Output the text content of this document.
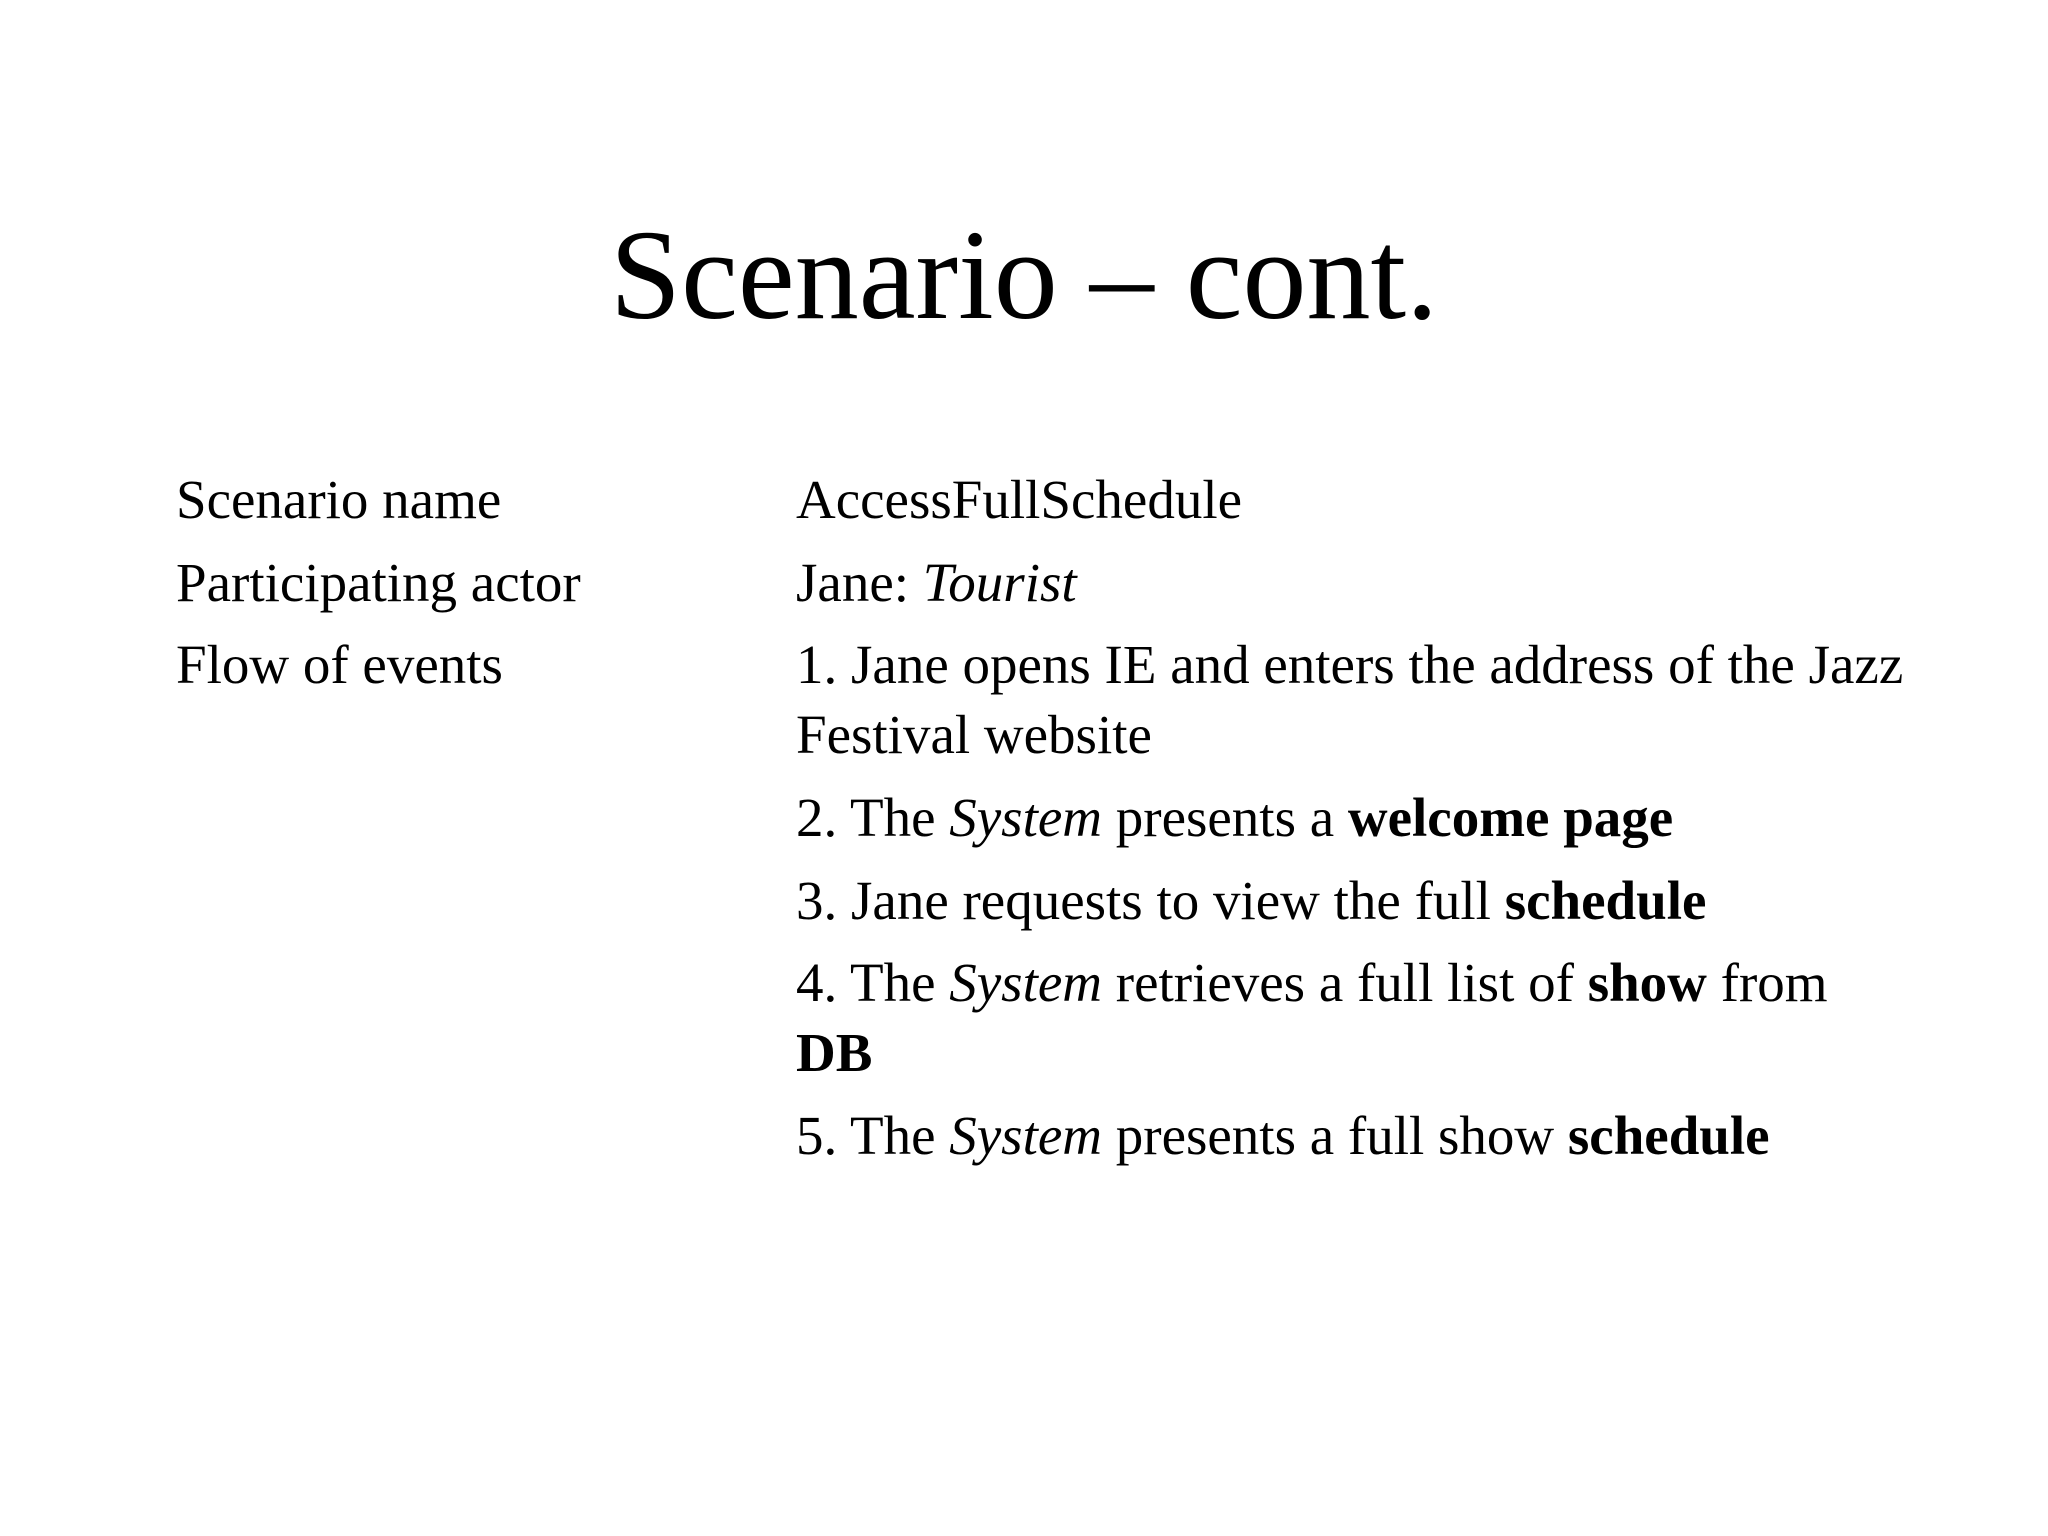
Scenario – cont.
Scenario name	AccessFullSchedule
Participating actor	Jane: Tourist
Flow of events	1. Jane opens IE and enters the address of the Jazz Festival website
2. The System presents a welcome page
3. Jane requests to view the full schedule
4. The System retrieves a full list of show from
DB
5. The System presents a full show schedule
